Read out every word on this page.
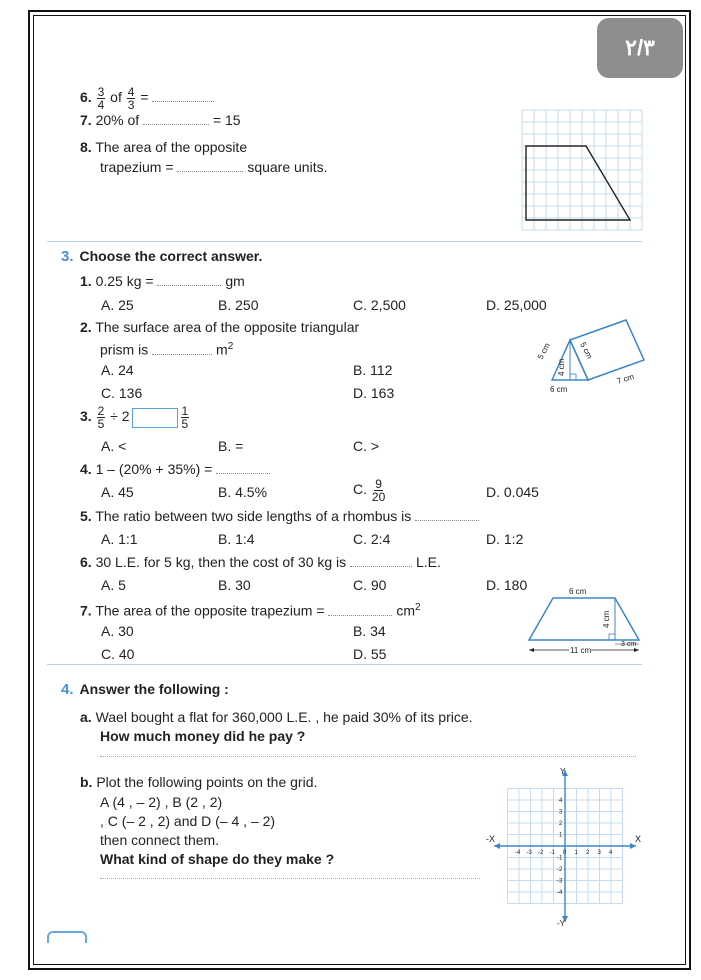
٢/٣
6. $\frac{3}{4}$ of $\frac{4}{3}$ =
7. 20% of	= 15
8. The area of the opposite
trapezium =	square units.
3. Choose the correct answer.
1. 0.25 kg =	gm
A. 25	B. 250	C. 2,500	D. 25,000
2. The surface area of the opposite triangular
prism is	$m^2$
A. 24	B. 112
C. 136	D. 163
5 cm
4 cm
5 cm
6 cm
7 cm
3. $\frac{2}{5} \div 2$	$\frac{1}{5}$
A. <	B. =	C. >
4. 1 – (20% + 35%) =
A. 45	B. 4.5%	C. $\frac{9}{20}$	D. 0.045
5. The ratio between two side lengths of a rhombus is
A. 1:1	B. 1:4	C. 2:4	D. 1:2
6. 30 L.E. for 5 kg, then the cost of 30 kg is	L.E.
A. 5	B. 30	C. 90	D. 180
7. The area of the opposite trapezium =	$cm^2$
A. 30	B. 34
C. 40	D. 55
6 cm
4 cm
11 cm
3 cm
4. Answer the following :
a. Wael bought a flat for 360,000 L.E. , he paid 30% of its price.
How much money did he pay ?
b. Plot the following points on the grid.
A (4 , – 2) , B (2 , 2)
, C (– 2 , 2) and D (– 4 , – 2)
then connect them.
What kind of shape do they make ?
X
-X
Y
-Y
-4 -3 -2 -1 0 1 2 3 4
4
3
2
1
-1
-2
-3
-4
